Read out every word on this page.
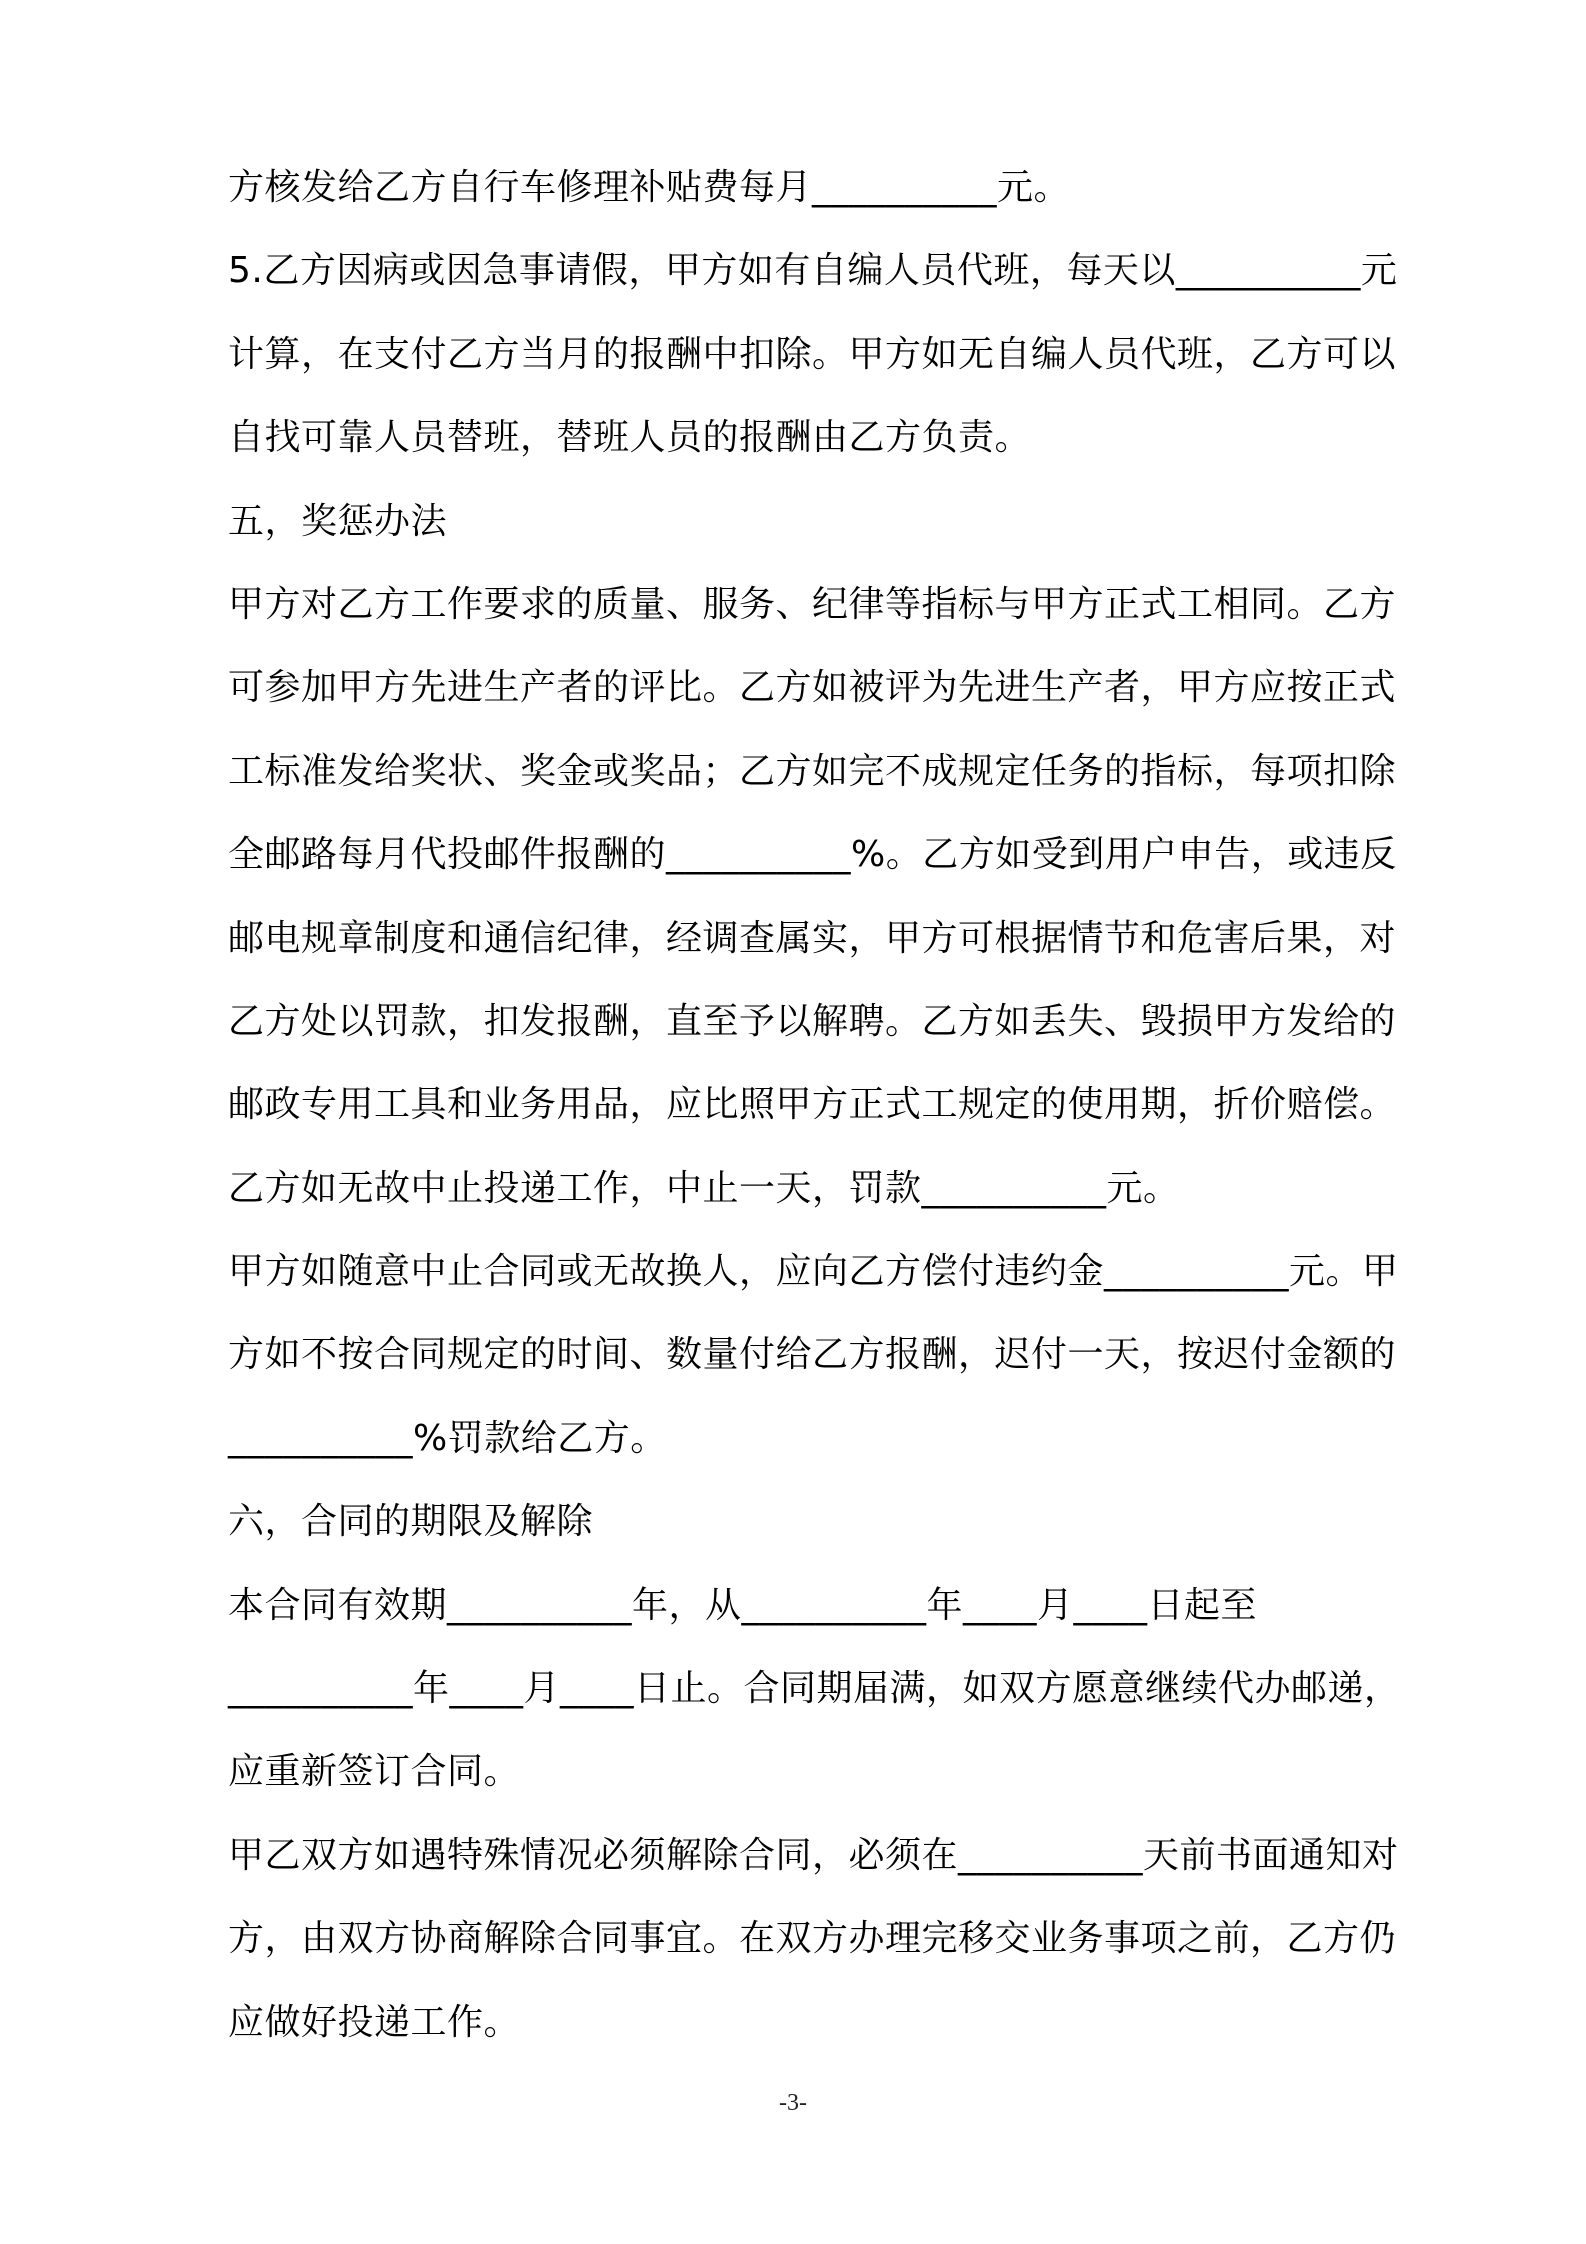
方核发给乙方自行车修理补贴费每月__________元。
5.乙方因病或因急事请假，甲方如有自编人员代班，每天以__________元
计算，在支付乙方当月的报酬中扣除。甲方如无自编人员代班，乙方可以
自找可靠人员替班，替班人员的报酬由乙方负责。
五，奖惩办法
甲方对乙方工作要求的质量、服务、纪律等指标与甲方正式工相同。乙方
可参加甲方先进生产者的评比。乙方如被评为先进生产者，甲方应按正式
工标准发给奖状、奖金或奖品；乙方如完不成规定任务的指标，每项扣除
全邮路每月代投邮件报酬的__________%。乙方如受到用户申告，或违反
邮电规章制度和通信纪律，经调查属实，甲方可根据情节和危害后果，对
乙方处以罚款，扣发报酬，直至予以解聘。乙方如丢失、毁损甲方发给的
邮政专用工具和业务用品，应比照甲方正式工规定的使用期，折价赔偿。
乙方如无故中止投递工作，中止一天，罚款__________元。
甲方如随意中止合同或无故换人，应向乙方偿付违约金__________元。甲
方如不按合同规定的时间、数量付给乙方报酬，迟付一天，按迟付金额的
__________%罚款给乙方。
六，合同的期限及解除
本合同有效期__________年，从__________年____月____日起至
__________年____月____日止。合同期届满，如双方愿意继续代办邮递，
应重新签订合同。
甲乙双方如遇特殊情况必须解除合同，必须在__________天前书面通知对
方，由双方协商解除合同事宜。在双方办理完移交业务事项之前，乙方仍
应做好投递工作。
-3-
